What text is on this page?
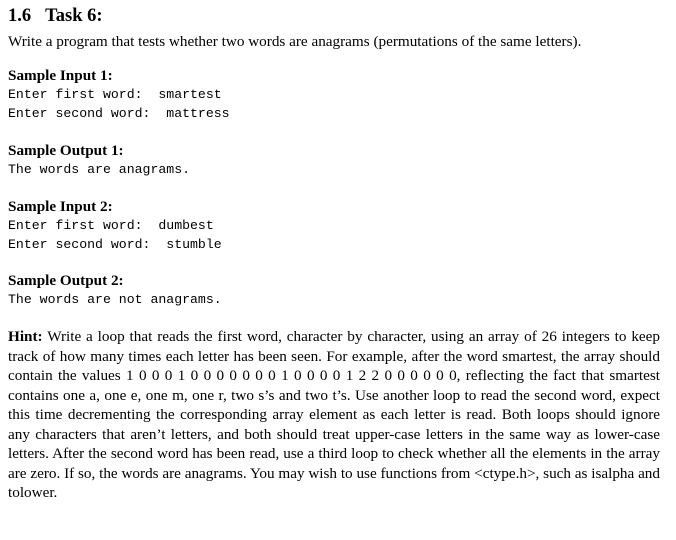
1.6 Task 6:

Write a program that tests whether two words are anagrams (permutations of the same letters).

Sample Input 1:

Enter first word:  smartest

Enter second word:  mattress

Sample Output 1:

The words are anagrams.

Sample Input 2:

Enter first word:  dumbest

Enter second word:  stumble

Sample Output 2:

The words are not anagrams.

Hint: Write a loop that reads the first word, character by character, using an array of 26 integers to keep track of how many times each letter has been seen. For example, after the word smartest, the array should contain the values 1 0 0 0 1 0 0 0 0 0 0 0 1 0 0 0 0 1 2 2 0 0 0 0 0 0, reflecting the fact that smartest contains one a, one e, one m, one r, two s’s and two t’s. Use another loop to read the second word, expect this time decrementing the corresponding array element as each letter is read. Both loops should ignore any characters that aren’t letters, and both should treat upper-case letters in the same way as lower-case letters. After the second word has been read, use a third loop to check whether all the elements in the array are zero. If so, the words are anagrams. You may wish to use functions from <ctype.h>, such as isalpha and tolower.
